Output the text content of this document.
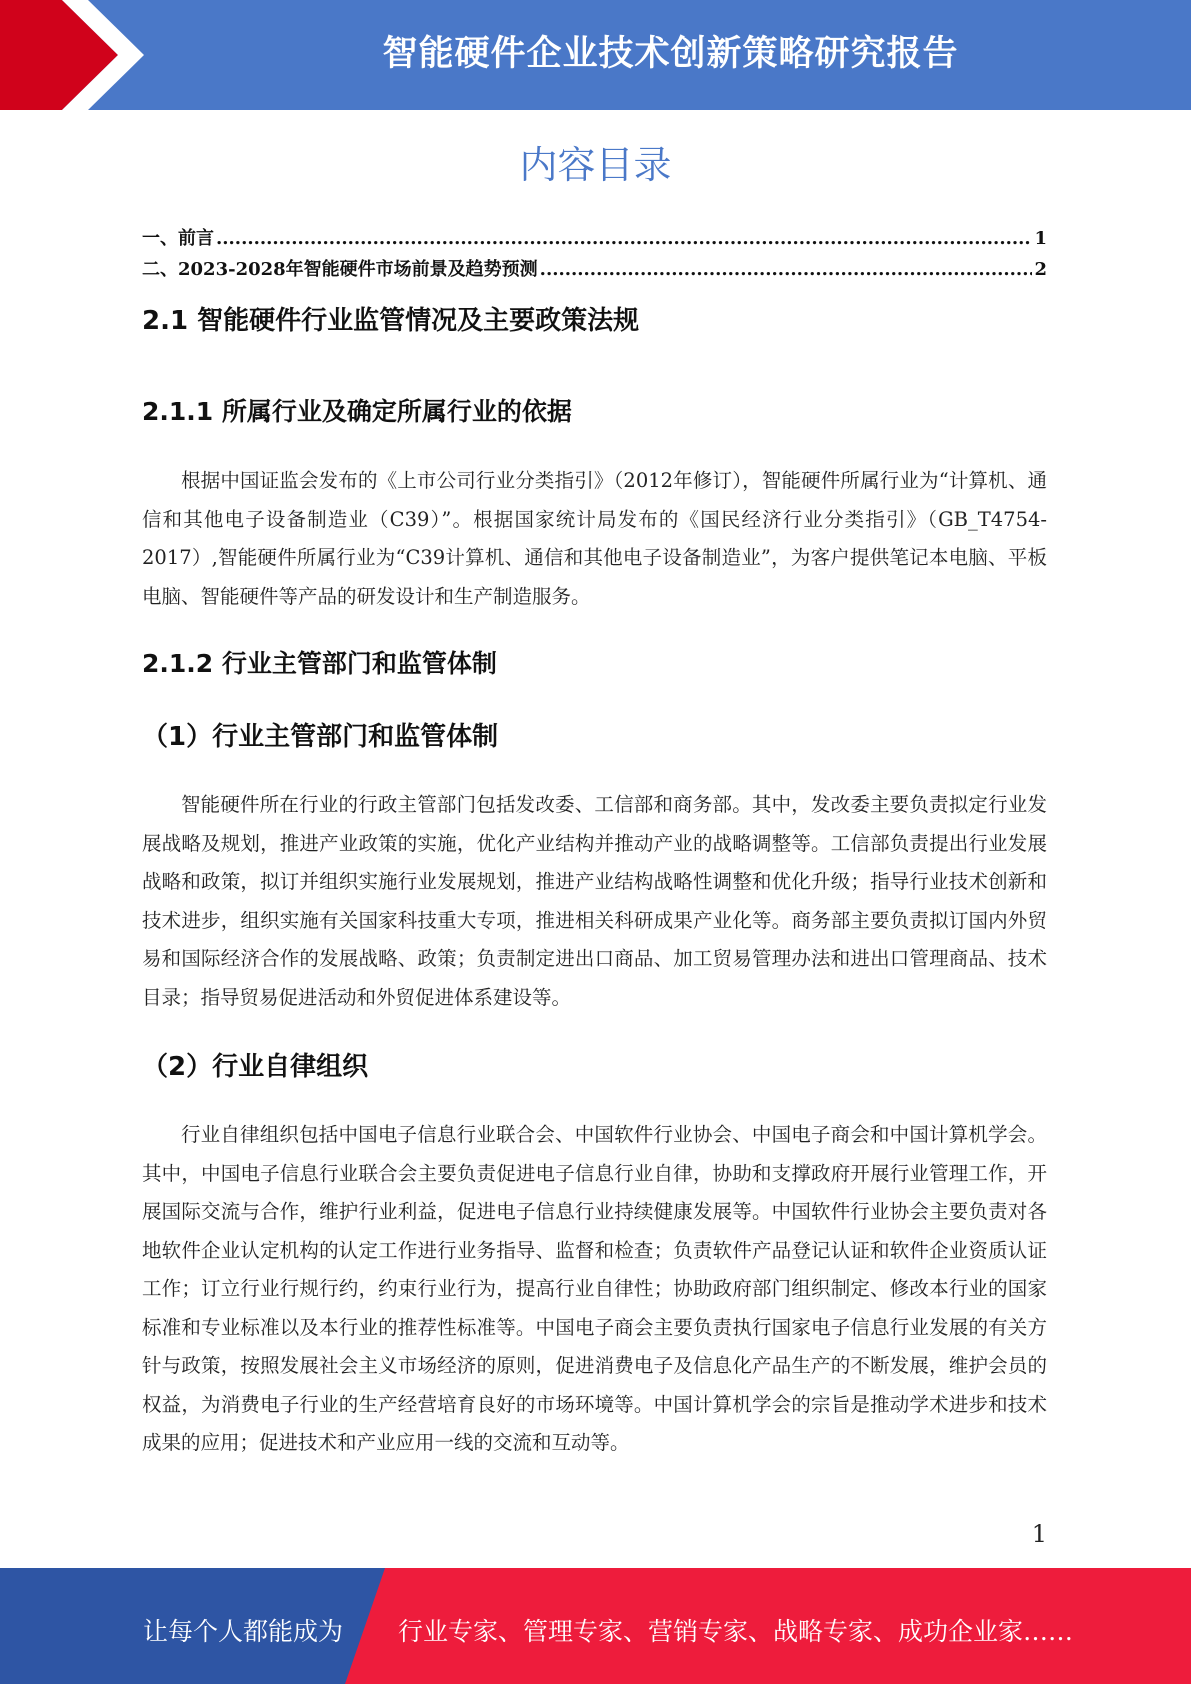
智能硬件企业技术创新策略研究报告
内容目录
一、前言 .....	1
二、2023-2028年智能硬件市场前景及趋势预测 .....	2
2.1 智能硬件行业监管情况及主要政策法规
2.1.1 所属行业及确定所属行业的依据
根据中国证监会发布的《上市公司行业分类指引》（2012年修订），智能硬件所属行业为“计算机、通信和其他电子设备制造业（C39）”。根据国家统计局发布的《国民经济行业分类指引》（GB_T4754-2017）,智能硬件所属行业为“C39计算机、通信和其他电子设备制造业”，为客户提供笔记本电脑、平板电脑、智能硬件等产品的研发设计和生产制造服务。
2.1.2 行业主管部门和监管体制
（1）行业主管部门和监管体制
智能硬件所在行业的行政主管部门包括发改委、工信部和商务部。其中，发改委主要负责拟定行业发展战略及规划，推进产业政策的实施，优化产业结构并推动产业的战略调整等。工信部负责提出行业发展战略和政策，拟订并组织实施行业发展规划，推进产业结构战略性调整和优化升级；指导行业技术创新和技术进步，组织实施有关国家科技重大专项，推进相关科研成果产业化等。商务部主要负责拟订国内外贸易和国际经济合作的发展战略、政策；负责制定进出口商品、加工贸易管理办法和进出口管理商品、技术目录；指导贸易促进活动和外贸促进体系建设等。
（2）行业自律组织
行业自律组织包括中国电子信息行业联合会、中国软件行业协会、中国电子商会和中国计算机学会。其中，中国电子信息行业联合会主要负责促进电子信息行业自律，协助和支撑政府开展行业管理工作，开展国际交流与合作，维护行业利益，促进电子信息行业持续健康发展等。中国软件行业协会主要负责对各地软件企业认定机构的认定工作进行业务指导、监督和检查；负责软件产品登记认证和软件企业资质认证工作；订立行业行规行约，约束行业行为，提高行业自律性；协助政府部门组织制定、修改本行业的国家标准和专业标准以及本行业的推荐性标准等。中国电子商会主要负责执行国家电子信息行业发展的有关方针与政策，按照发展社会主义市场经济的原则，促进消费电子及信息化产品生产的不断发展，维护会员的权益，为消费电子行业的生产经营培育良好的市场环境等。中国计算机学会的宗旨是推动学术进步和技术成果的应用；促进技术和产业应用一线的交流和互动等。
1
让每个人都能成为 行业专家、管理专家、营销专家、战略专家、成功企业家……
